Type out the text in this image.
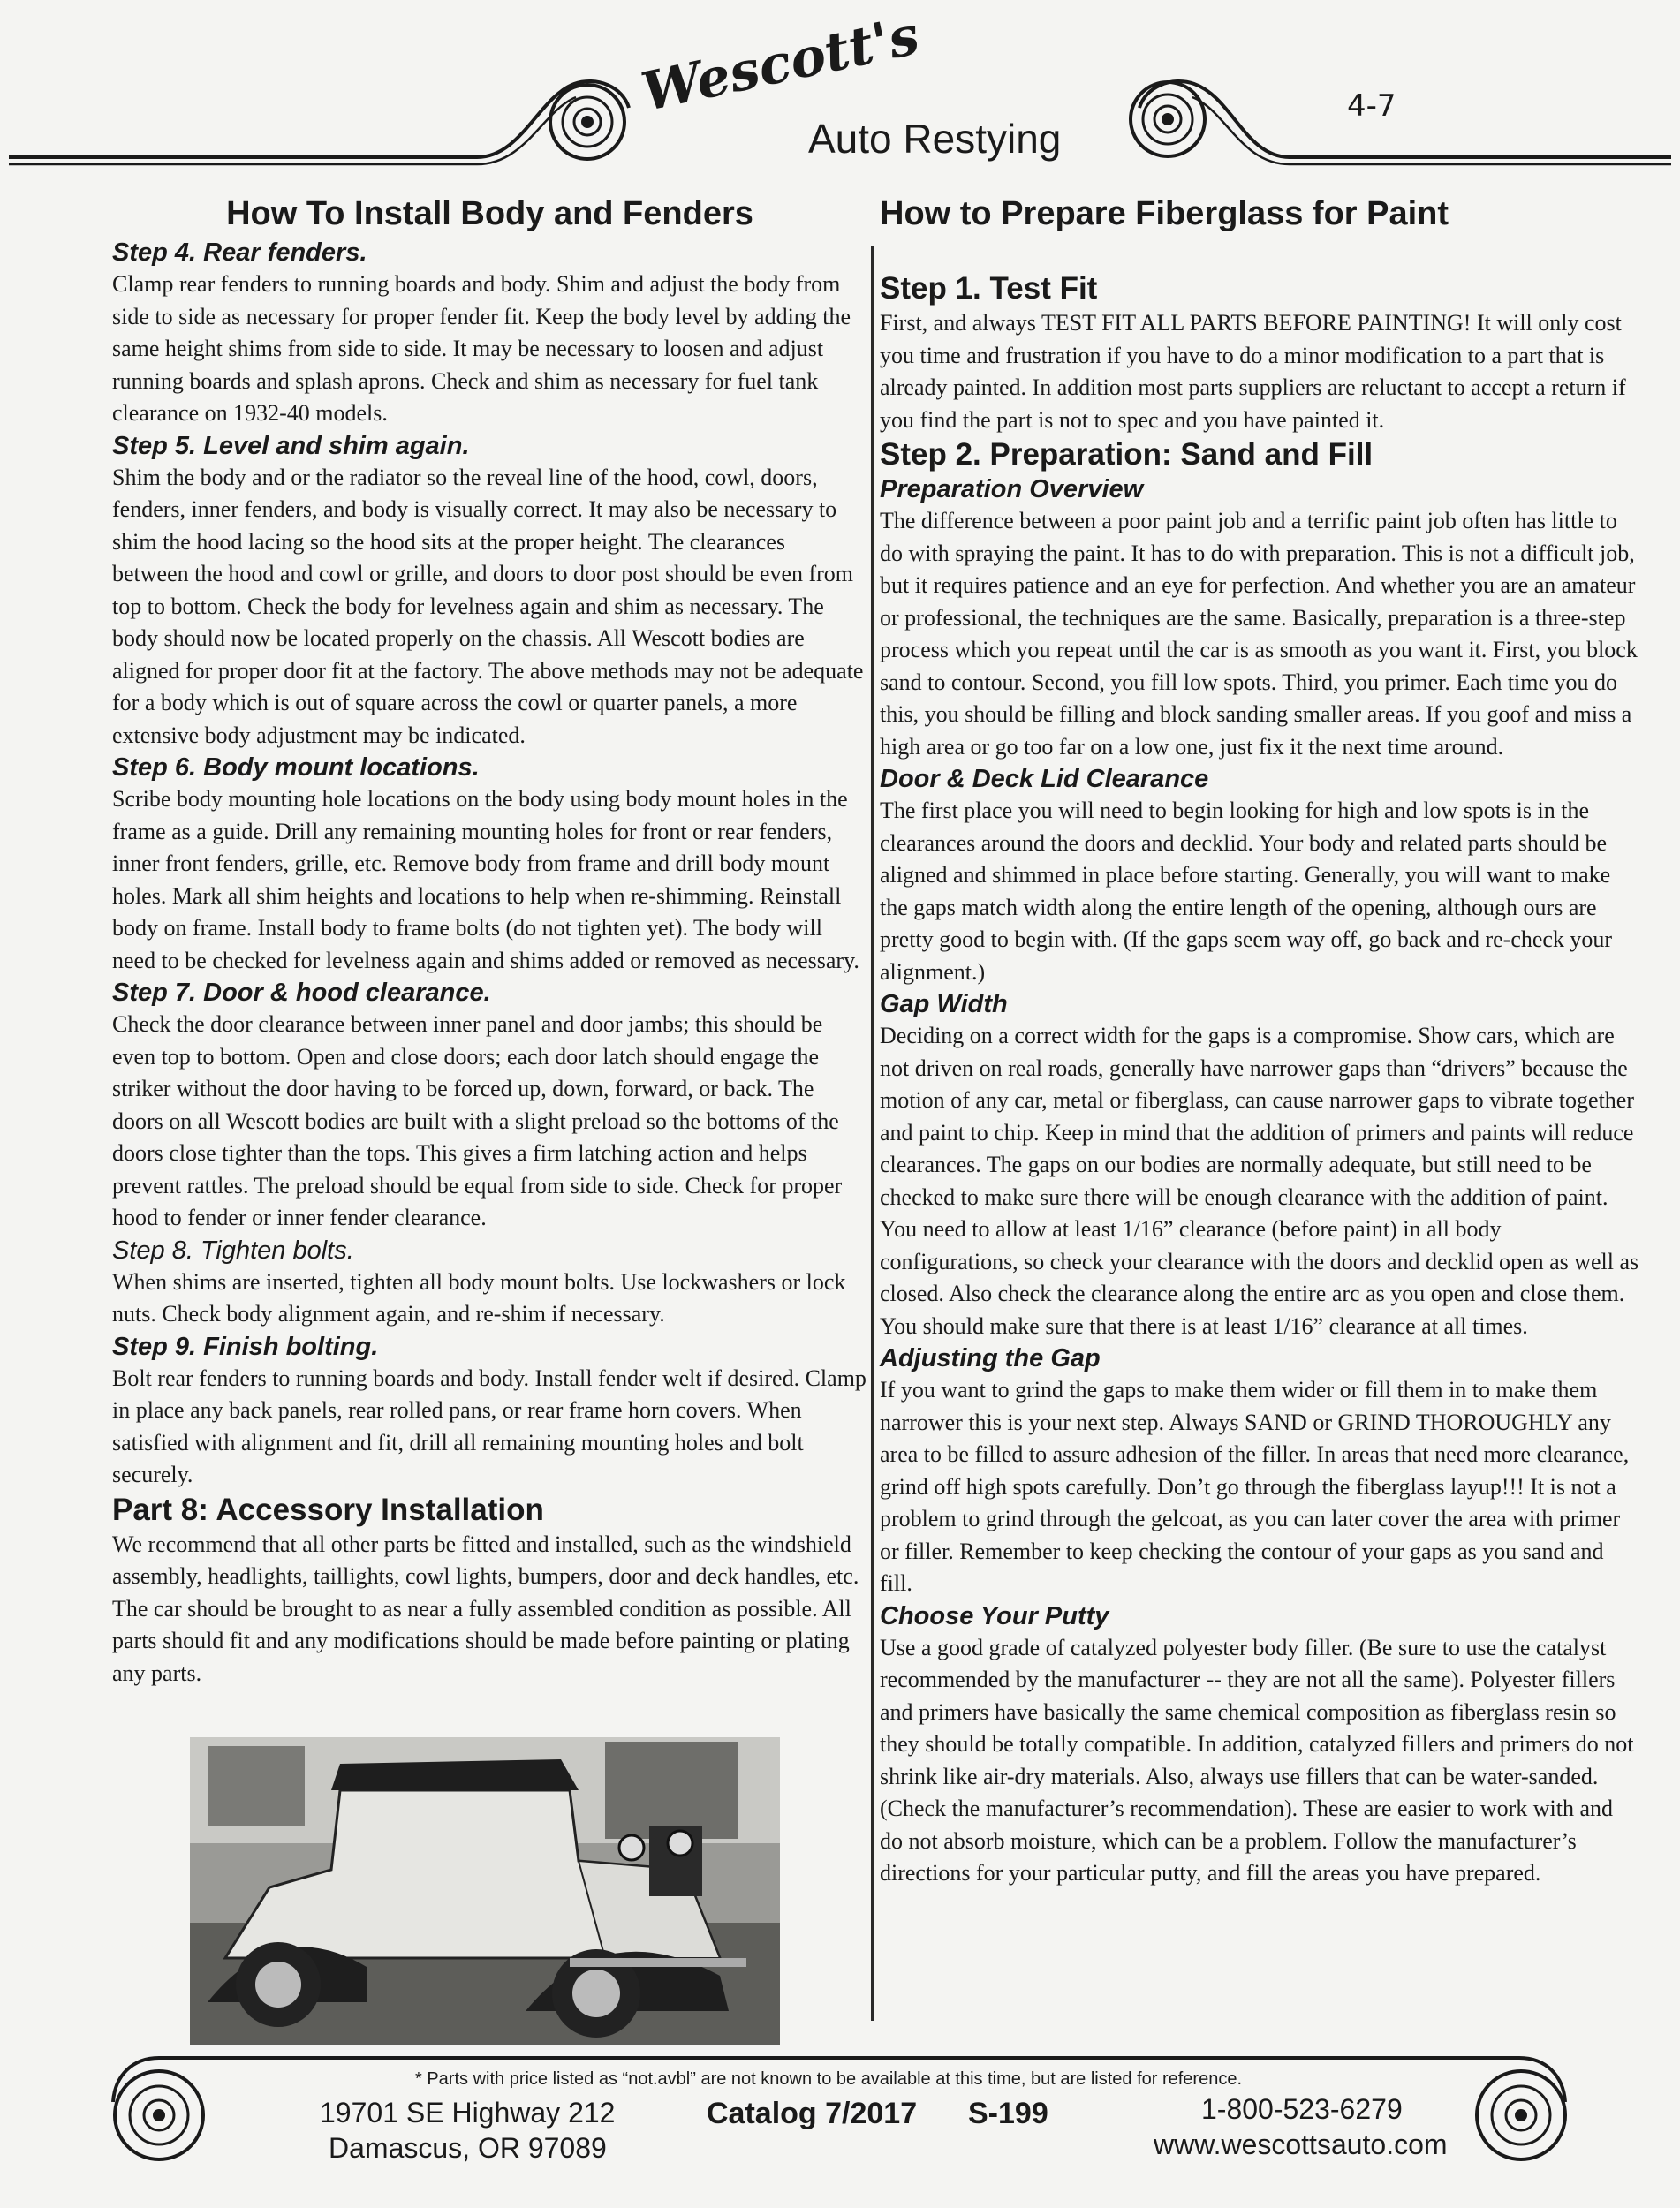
Wescott's
Auto Restying
4-7
How To Install Body and Fenders
Step 4. Rear fenders.

Clamp rear fenders to running boards and body. Shim and adjust the body from side to side as necessary for proper fender fit. Keep the body level by adding the same height shims from side to side. It may be necessary to loosen and adjust running boards and splash aprons. Check and shim as necessary for fuel tank clearance on 1932-40 models.

Step 5. Level and shim again.

Shim the body and or the radiator so the reveal line of the hood, cowl, doors, fenders, inner fenders, and body is visually correct. It may also be necessary to shim the hood lacing so the hood sits at the proper height. The clearances between the hood and cowl or grille, and doors to door post should be even from top to bottom. Check the body for levelness again and shim as necessary. The body should now be located properly on the chassis. All Wescott bodies are aligned for proper door fit at the factory. The above methods may not be adequate for a body which is out of square across the cowl or quarter panels, a more extensive body adjustment may be indicated.

Step 6. Body mount locations.

Scribe body mounting hole locations on the body using body mount holes in the frame as a guide. Drill any remaining mounting holes for front or rear fenders, inner front fenders, grille, etc. Remove body from frame and drill body mount holes. Mark all shim heights and locations to help when re-shimming. Reinstall body on frame. Install body to frame bolts (do not tighten yet). The body will need to be checked for levelness again and shims added or removed as necessary.

Step 7. Door & hood clearance.

Check the door clearance between inner panel and door jambs; this should be even top to bottom. Open and close doors; each door latch should engage the striker without the door having to be forced up, down, forward, or back. The doors on all Wescott bodies are built with a slight preload so the bottoms of the doors close tighter than the tops. This gives a firm latching action and helps prevent rattles. The preload should be equal from side to side. Check for proper hood to fender or inner fender clearance.

Step 8. Tighten bolts.

When shims are inserted, tighten all body mount bolts. Use lockwashers or lock nuts. Check body alignment again, and re-shim if necessary.

Step 9. Finish bolting.

Bolt rear fenders to running boards and body. Install fender welt if desired. Clamp in place any back panels, rear rolled pans, or rear frame horn covers. When satisfied with alignment and fit, drill all remaining mounting holes and bolt securely.

Part 8: Accessory Installation

We recommend that all other parts be fitted and installed, such as the windshield assembly, headlights, taillights, cowl lights, bumpers, door and deck handles, etc. The car should be brought to as near a fully assembled condition as possible. All parts should fit and any modifications should be made before painting or plating any parts.

How to Prepare Fiberglass for Paint
Step 1. Test Fit

First, and always TEST FIT ALL PARTS BEFORE PAINTING! It will only cost you time and frustration if you have to do a minor modification to a part that is already painted. In addition most parts suppliers are reluctant to accept a return if you find the part is not to spec and you have painted it.

Step 2. Preparation: Sand and Fill
Preparation Overview

The difference between a poor paint job and a terrific paint job often has little to do with spraying the paint. It has to do with preparation. This is not a difficult job, but it requires patience and an eye for perfection. And whether you are an amateur or professional, the techniques are the same. Basically, preparation is a three-step process which you repeat until the car is as smooth as you want it. First, you block sand to contour. Second, you fill low spots. Third, you primer. Each time you do this, you should be filling and block sanding smaller areas. If you goof and miss a high area or go too far on a low one, just fix it the next time around.

Door & Deck Lid Clearance

The first place you will need to begin looking for high and low spots is in the clearances around the doors and decklid. Your body and related parts should be aligned and shimmed in place before starting. Generally, you will want to make the gaps match width along the entire length of the opening, although ours are pretty good to begin with. (If the gaps seem way off, go back and re-check your alignment.)

Gap Width

Deciding on a correct width for the gaps is a compromise. Show cars, which are not driven on real roads, generally have narrower gaps than “drivers” because the motion of any car, metal or fiberglass, can cause narrower gaps to vibrate together and paint to chip. Keep in mind that the addition of primers and paints will reduce clearances. The gaps on our bodies are normally adequate, but still need to be checked to make sure there will be enough clearance with the addition of paint. You need to allow at least 1/16” clearance (before paint) in all body configurations, so check your clearance with the doors and decklid open as well as closed. Also check the clearance along the entire arc as you open and close them. You should make sure that there is at least 1/16” clearance at all times.

Adjusting the Gap

If you want to grind the gaps to make them wider or fill them in to make them narrower this is your next step. Always SAND or GRIND THOROUGHLY any area to be filled to assure adhesion of the filler. In areas that need more clearance, grind off high spots carefully. Don’t go through the fiberglass layup!!! It is not a problem to grind through the gelcoat, as you can later cover the area with primer or filler. Remember to keep checking the contour of your gaps as you sand and fill.

Choose Your Putty

Use a good grade of catalyzed polyester body filler. (Be sure to use the catalyst recommended by the manufacturer -- they are not all the same). Polyester fillers and primers have basically the same chemical composition as fiberglass resin so they should be totally compatible. In addition, catalyzed fillers and primers do not shrink like air-dry materials. Also, always use fillers that can be water-sanded. (Check the manufacturer’s recommendation). These are easier to work with and do not absorb moisture, which can be a problem. Follow the manufacturer’s directions for your particular putty, and fill the areas you have prepared.

* Parts with price listed as “not.avbl” are not known to be available at this time, but are listed for reference.
19701 SE Highway 212
Damascus, OR 97089
Catalog 7/2017 S-199	1-800-523-6279
www.wescottsauto.com
